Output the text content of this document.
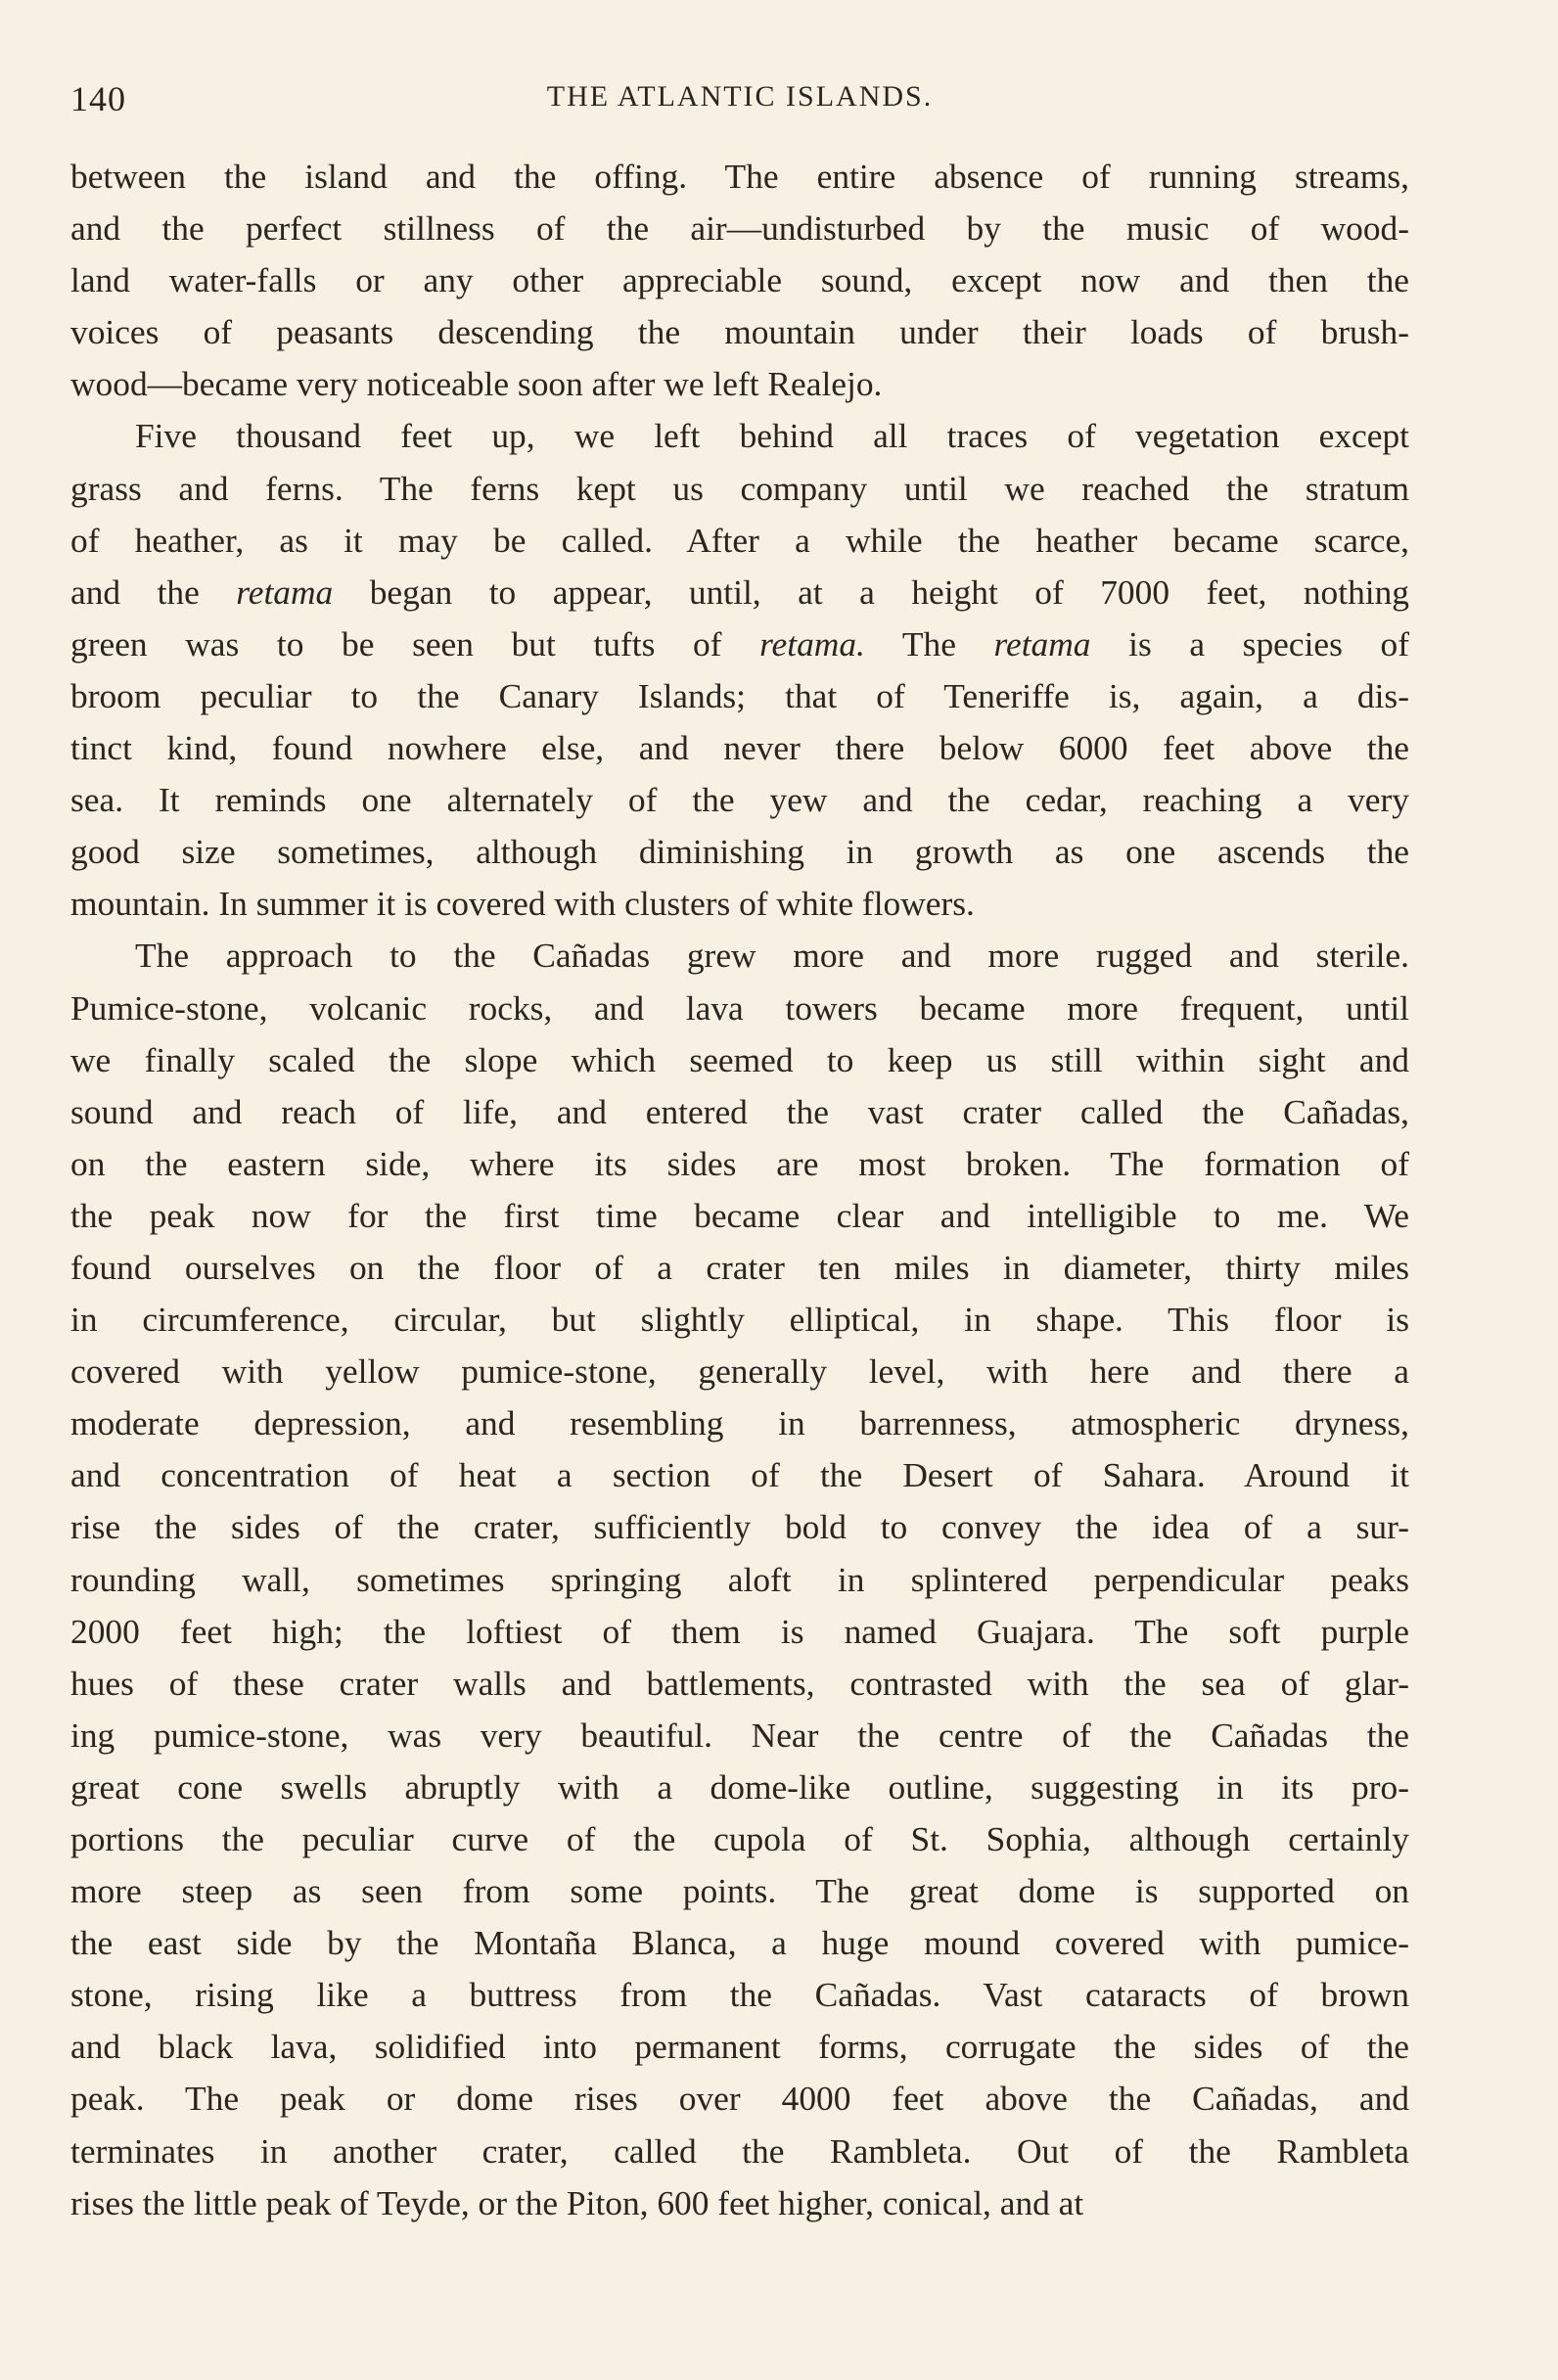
140	THE ATLANTIC ISLANDS.
between the island and the offing. The entire absence of running streams,
and the perfect stillness of the air—undisturbed by the music of wood-
land water-falls or any other appreciable sound, except now and then the
voices of peasants descending the mountain under their loads of brush-
wood—became very noticeable soon after we left Realejo.
Five thousand feet up, we left behind all traces of vegetation except
grass and ferns. The ferns kept us company until we reached the stratum
of heather, as it may be called. After a while the heather became scarce,
and the retama began to appear, until, at a height of 7000 feet, nothing
green was to be seen but tufts of retama. The retama is a species of
broom peculiar to the Canary Islands; that of Teneriffe is, again, a dis-
tinct kind, found nowhere else, and never there below 6000 feet above the
sea. It reminds one alternately of the yew and the cedar, reaching a very
good size sometimes, although diminishing in growth as one ascends the
mountain. In summer it is covered with clusters of white flowers.
The approach to the Cañadas grew more and more rugged and sterile.
Pumice-stone, volcanic rocks, and lava towers became more frequent, until
we finally scaled the slope which seemed to keep us still within sight and
sound and reach of life, and entered the vast crater called the Cañadas,
on the eastern side, where its sides are most broken. The formation of
the peak now for the first time became clear and intelligible to me. We
found ourselves on the floor of a crater ten miles in diameter, thirty miles
in circumference, circular, but slightly elliptical, in shape. This floor is
covered with yellow pumice-stone, generally level, with here and there a
moderate depression, and resembling in barrenness, atmospheric dryness,
and concentration of heat a section of the Desert of Sahara. Around it
rise the sides of the crater, sufficiently bold to convey the idea of a sur-
rounding wall, sometimes springing aloft in splintered perpendicular peaks
2000 feet high; the loftiest of them is named Guajara. The soft purple
hues of these crater walls and battlements, contrasted with the sea of glar-
ing pumice-stone, was very beautiful. Near the centre of the Cañadas the
great cone swells abruptly with a dome-like outline, suggesting in its pro-
portions the peculiar curve of the cupola of St. Sophia, although certainly
more steep as seen from some points. The great dome is supported on
the east side by the Montaña Blanca, a huge mound covered with pumice-
stone, rising like a buttress from the Cañadas. Vast cataracts of brown
and black lava, solidified into permanent forms, corrugate the sides of the
peak. The peak or dome rises over 4000 feet above the Cañadas, and
terminates in another crater, called the Rambleta. Out of the Rambleta
rises the little peak of Teyde, or the Piton, 600 feet higher, conical, and at
